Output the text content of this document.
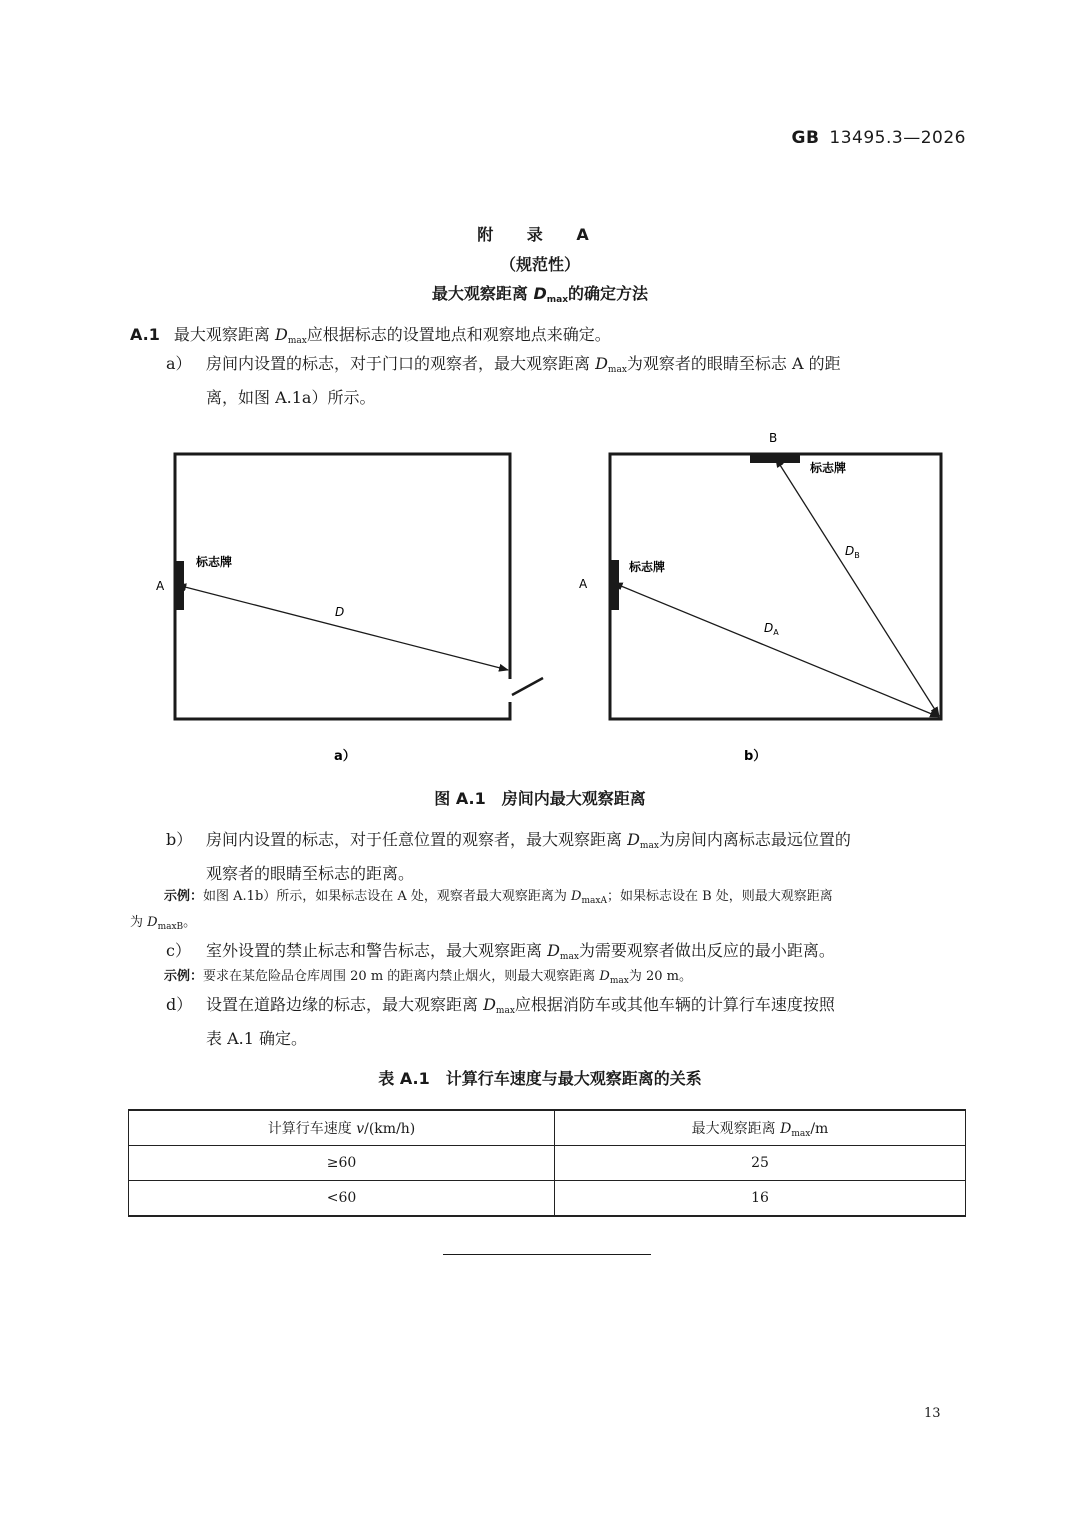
GB 13495.3—2026
附 录 A
（规范性）
最大观察距离 $D_{max}$的确定方法
A.1 最大观察距离 $D_{max}$应根据标志的设置地点和观察地点来确定。
a） 房间内设置的标志，对于门口的观察者，最大观察距离 $D_{max}$为观察者的眼睛至标志 A 的距
离，如图 A.1a）所示。
标志牌
A
D
a）
B
标志牌
标志牌
A
$D_B$
$D_A$
b）
图 A.1　房间内最大观察距离
b） 房间内设置的标志，对于任意位置的观察者，最大观察距离 $D_{max}$为房间内离标志最远位置的
观察者的眼睛至标志的距离。
示例：如图 A.1b）所示，如果标志设在 A 处，观察者最大观察距离为 $D_{maxA}$；如果标志设在 B 处，则最大观察距离
为 $D_{maxB}$。
c） 室外设置的禁止标志和警告标志，最大观察距离 $D_{max}$为需要观察者做出反应的最小距离。
示例：要求在某危险品仓库周围 20 m 的距离内禁止烟火，则最大观察距离 $D_{max}$为 20 m。
d） 设置在道路边缘的标志，最大观察距离 $D_{max}$应根据消防车或其他车辆的计算行车速度按照
表 A.1 确定。
表 A.1　计算行车速度与最大观察距离的关系
计算行车速度 v/(km/h)	最大观察距离 $D_{max}/m$
≥60	25
<60	16
13
